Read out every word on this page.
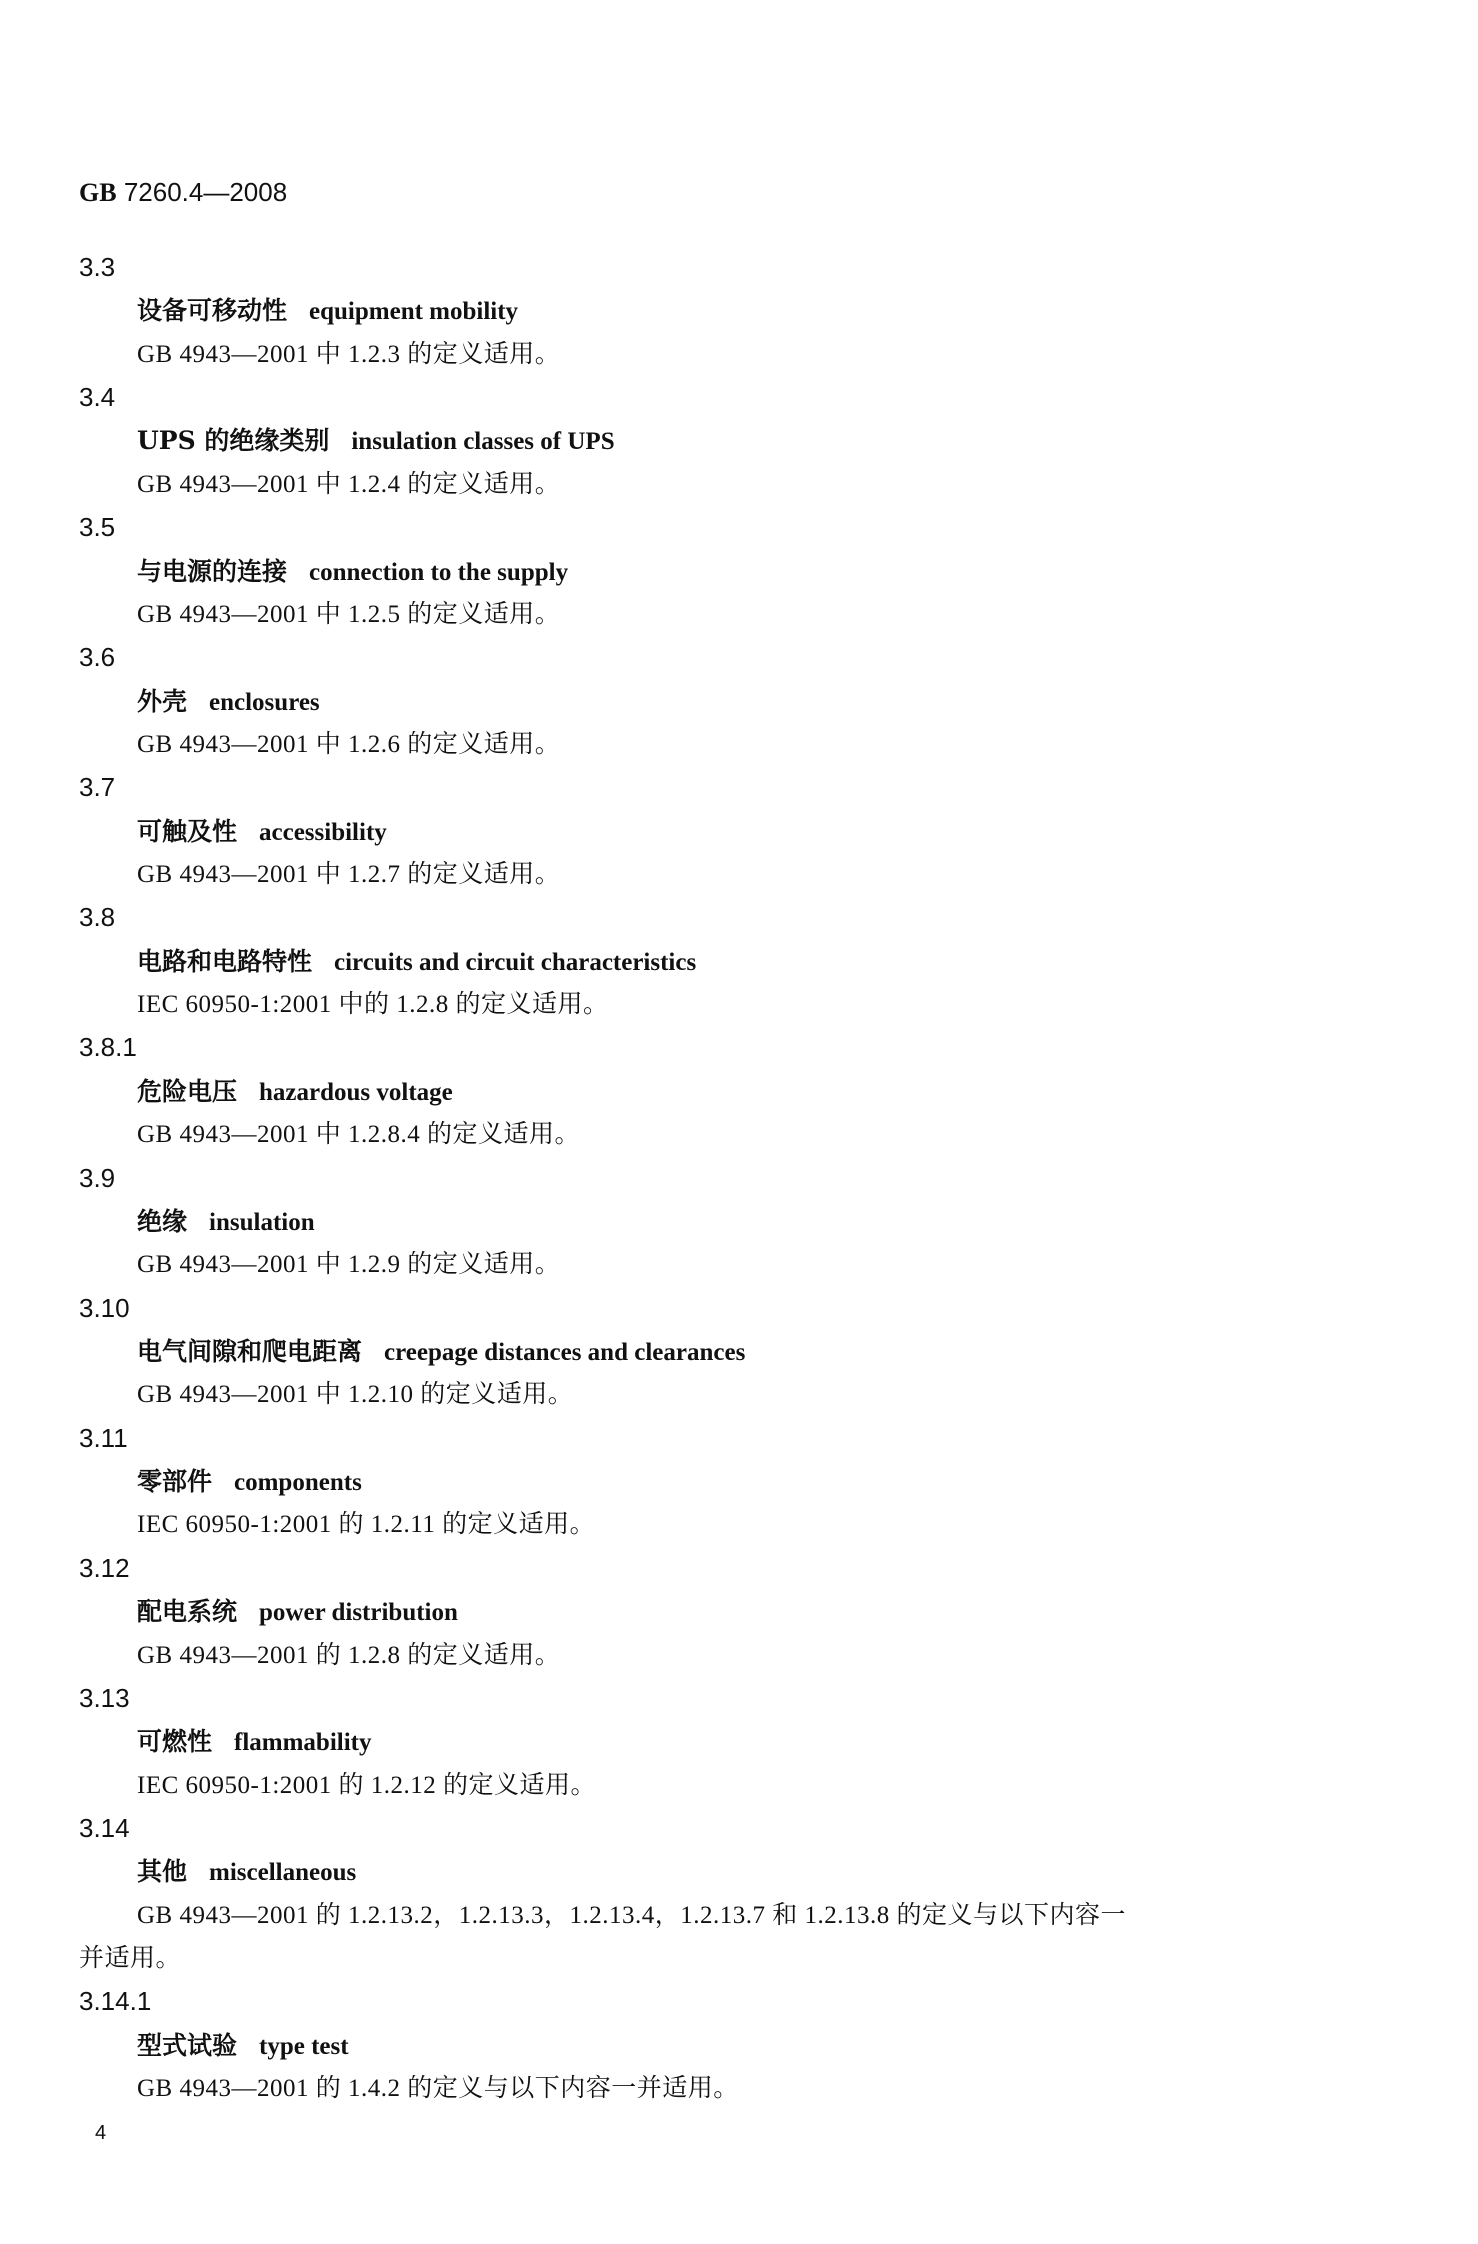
GB 7260.4—2008
3.3
设备可移动性 equipment mobility
GB 4943—2001 中 1.2.3 的定义适用。
3.4
UPS 的绝缘类别 insulation classes of UPS
GB 4943—2001 中 1.2.4 的定义适用。
3.5
与电源的连接 connection to the supply
GB 4943—2001 中 1.2.5 的定义适用。
3.6
外壳 enclosures
GB 4943—2001 中 1.2.6 的定义适用。
3.7
可触及性 accessibility
GB 4943—2001 中 1.2.7 的定义适用。
3.8
电路和电路特性 circuits and circuit characteristics
IEC 60950-1:2001 中的 1.2.8 的定义适用。
3.8.1
危险电压 hazardous voltage
GB 4943—2001 中 1.2.8.4 的定义适用。
3.9
绝缘 insulation
GB 4943—2001 中 1.2.9 的定义适用。
3.10
电气间隙和爬电距离 creepage distances and clearances
GB 4943—2001 中 1.2.10 的定义适用。
3.11
零部件 components
IEC 60950-1:2001 的 1.2.11 的定义适用。
3.12
配电系统 power distribution
GB 4943—2001 的 1.2.8 的定义适用。
3.13
可燃性 flammability
IEC 60950-1:2001 的 1.2.12 的定义适用。
3.14
其他 miscellaneous
GB 4943—2001 的 1.2.13.2，1.2.13.3，1.2.13.4，1.2.13.7 和 1.2.13.8 的定义与以下内容一
并适用。
3.14.1
型式试验 type test
GB 4943—2001 的 1.4.2 的定义与以下内容一并适用。
4
